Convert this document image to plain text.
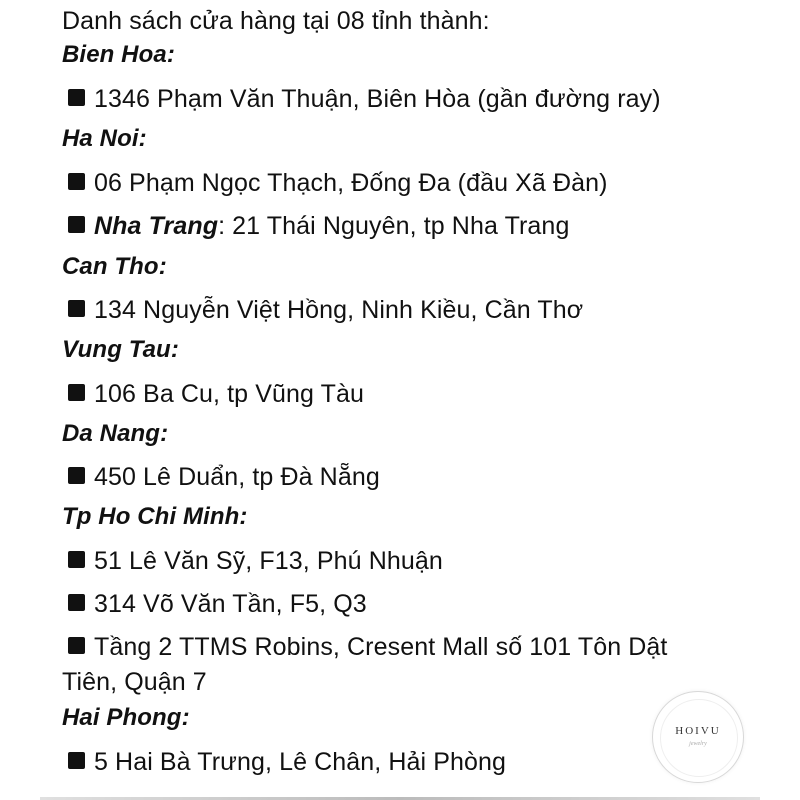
Danh sách cửa hàng tại 08 tỉnh thành:
Bien Hoa:
1346 Phạm Văn Thuận, Biên Hòa (gần đường ray)
Ha Noi:
06 Phạm Ngọc Thạch, Đống Đa (đầu Xã Đàn)
Nha Trang: 21 Thái Nguyên, tp Nha Trang
Can Tho:
134 Nguyễn Việt Hồng, Ninh Kiều, Cần Thơ
Vung Tau:
106 Ba Cu, tp Vũng Tàu
Da Nang:
450 Lê Duẩn, tp Đà Nẵng
Tp Ho Chi Minh:
51 Lê Văn Sỹ, F13, Phú Nhuận
314 Võ Văn Tần, F5, Q3
Tầng 2 TTMS Robins, Cresent Mall số 101 Tôn Dật
Tiên, Quận 7
Hai Phong:
5 Hai Bà Trưng, Lê Chân, Hải Phòng
HOIVU
jewelry
